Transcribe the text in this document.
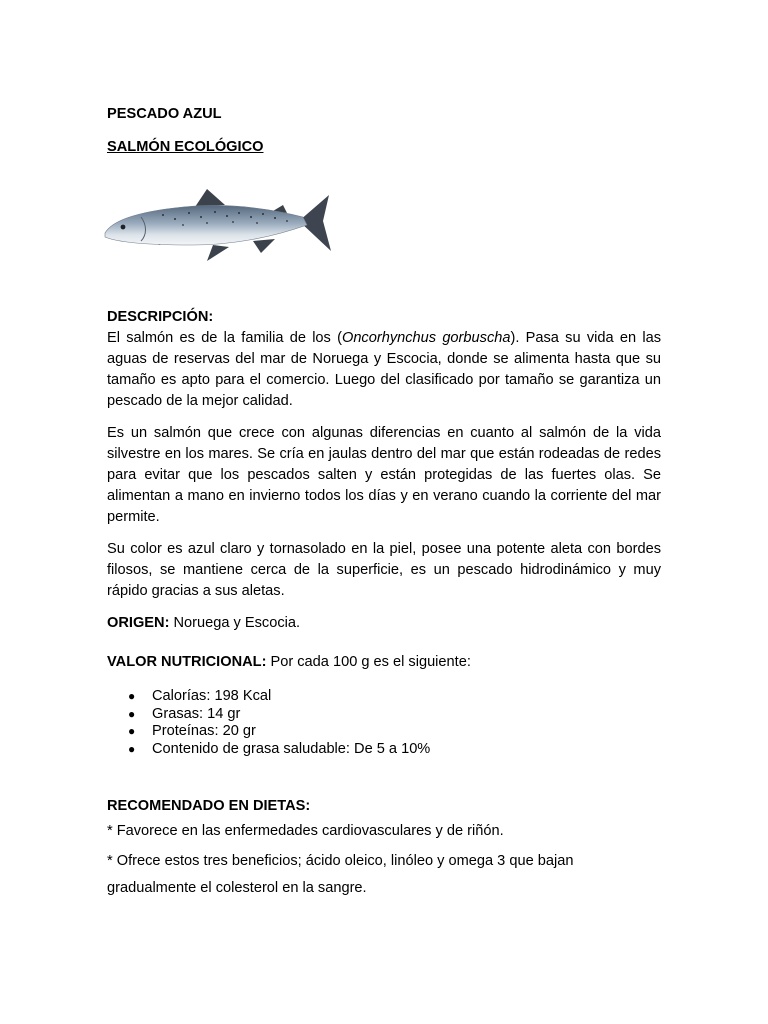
PESCADO AZUL

SALMÓN ECOLÓGICO

DESCRIPCIÓN:

El salmón es de la familia de los (Oncorhynchus gorbuscha). Pasa su vida en las aguas de reservas del mar de Noruega y Escocia, donde se alimenta hasta que su tamaño es apto para el comercio. Luego del clasificado por tamaño se garantiza un pescado de la mejor calidad.

Es un salmón que crece con algunas diferencias en cuanto al salmón de la vida silvestre en los mares. Se cría en jaulas dentro del mar que están rodeadas de redes para evitar que los pescados salten y están protegidas de las fuertes olas. Se alimentan a mano en invierno todos los días y en verano cuando la corriente del mar permite.

Su color es azul claro y tornasolado en la piel, posee una potente aleta con bordes filosos, se mantiene cerca de la superficie, es un pescado hidrodinámico y muy rápido gracias a sus aletas.

ORIGEN: Noruega y Escocia.

VALOR NUTRICIONAL: Por cada 100 g es el siguiente:

● Calorías: 198 Kcal
● Grasas: 14 gr
● Proteínas: 20 gr
● Contenido de grasa saludable: De 5 a 10%

RECOMENDADO EN DIETAS:

* Favorece en las enfermedades cardiovasculares y de riñón.

* Ofrece estos tres beneficios; ácido oleico, linóleo y omega 3 que bajan gradualmente el colesterol en la sangre.
